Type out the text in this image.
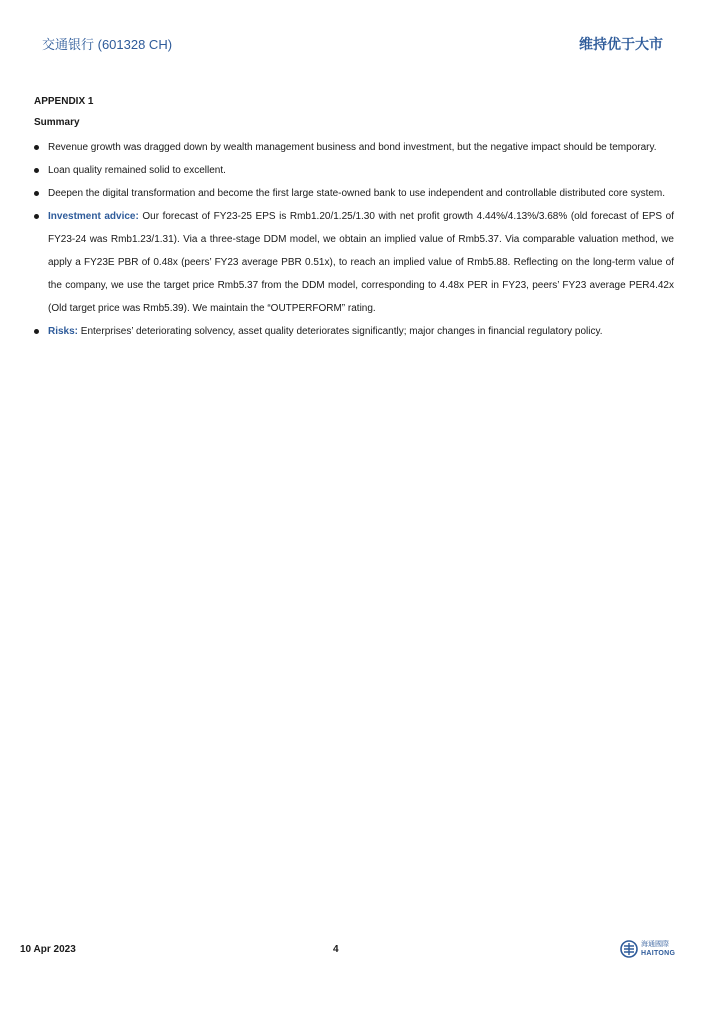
交通银行 (601328 CH)	维持优于大市
APPENDIX 1
Summary
Revenue growth was dragged down by wealth management business and bond investment, but the negative impact should be temporary.
Loan quality remained solid to excellent.
Deepen the digital transformation and become the first large state-owned bank to use independent and controllable distributed core system.
Investment advice: Our forecast of FY23-25 EPS is Rmb1.20/1.25/1.30 with net profit growth 4.44%/4.13%/3.68% (old forecast of EPS of FY23-24 was Rmb1.23/1.31). Via a three-stage DDM model, we obtain an implied value of Rmb5.37. Via comparable valuation method, we apply a FY23E PBR of 0.48x (peers’ FY23 average PBR 0.51x), to reach an implied value of Rmb5.88. Reflecting on the long-term value of the company, we use the target price Rmb5.37 from the DDM model, corresponding to 4.48x PER in FY23, peers’ FY23 average PER4.42x (Old target price was Rmb5.39). We maintain the “OUTPERFORM” rating.
Risks: Enterprises’ deteriorating solvency, asset quality deteriorates significantly; major changes in financial regulatory policy.
10 Apr 2023	4	海通國際
HAITONG
